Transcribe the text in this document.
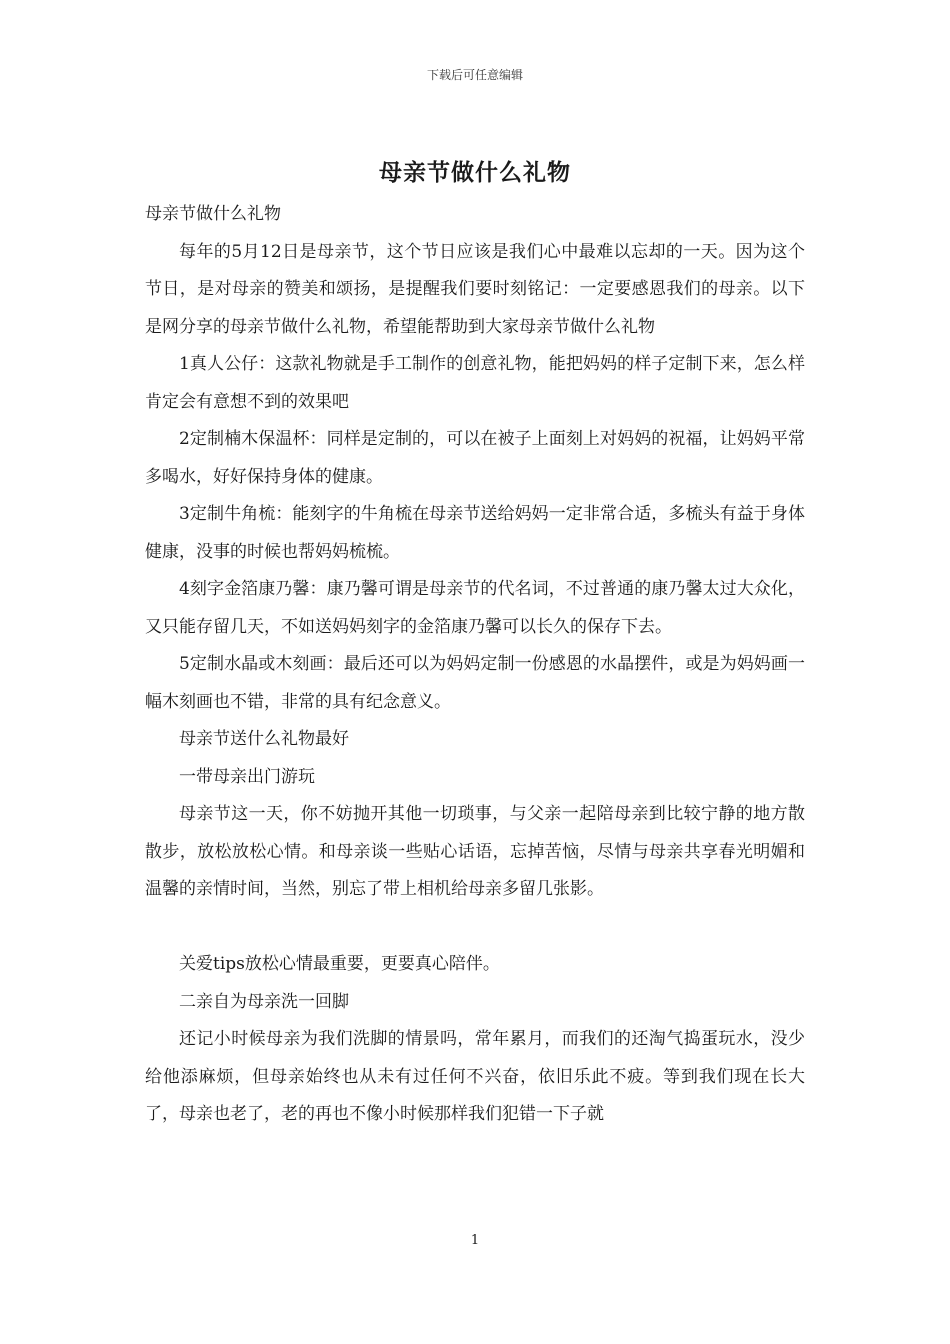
下载后可任意编辑
母亲节做什么礼物

母亲节做什么礼物

每年的5月12日是母亲节，这个节日应该是我们心中最难以忘却的一天。因为这个节日，是对母亲的赞美和颂扬，是提醒我们要时刻铭记：一定要感恩我们的母亲。以下是网分享的母亲节做什么礼物，希望能帮助到大家母亲节做什么礼物

1真人公仔：这款礼物就是手工制作的创意礼物，能把妈妈的样子定制下来，怎么样肯定会有意想不到的效果吧

2定制楠木保温杯：同样是定制的，可以在被子上面刻上对妈妈的祝福，让妈妈平常多喝水，好好保持身体的健康。

3定制牛角梳：能刻字的牛角梳在母亲节送给妈妈一定非常合适，多梳头有益于身体健康，没事的时候也帮妈妈梳梳。

4刻字金箔康乃馨：康乃馨可谓是母亲节的代名词，不过普通的康乃馨太过大众化，又只能存留几天，不如送妈妈刻字的金箔康乃馨可以长久的保存下去。

5定制水晶或木刻画：最后还可以为妈妈定制一份感恩的水晶摆件，或是为妈妈画一幅木刻画也不错，非常的具有纪念意义。

母亲节送什么礼物最好

一带母亲出门游玩

母亲节这一天，你不妨抛开其他一切琐事，与父亲一起陪母亲到比较宁静的地方散散步，放松放松心情。和母亲谈一些贴心话语，忘掉苦恼，尽情与母亲共享春光明媚和温馨的亲情时间，当然，别忘了带上相机给母亲多留几张影。

关爱tips放松心情最重要，更要真心陪伴。

二亲自为母亲洗一回脚

还记小时候母亲为我们洗脚的情景吗，常年累月，而我们的还淘气捣蛋玩水，没少给他添麻烦，但母亲始终也从未有过任何不兴奋，依旧乐此不疲。等到我们现在长大了，母亲也老了，老的再也不像小时候那样我们犯错一下子就

1
